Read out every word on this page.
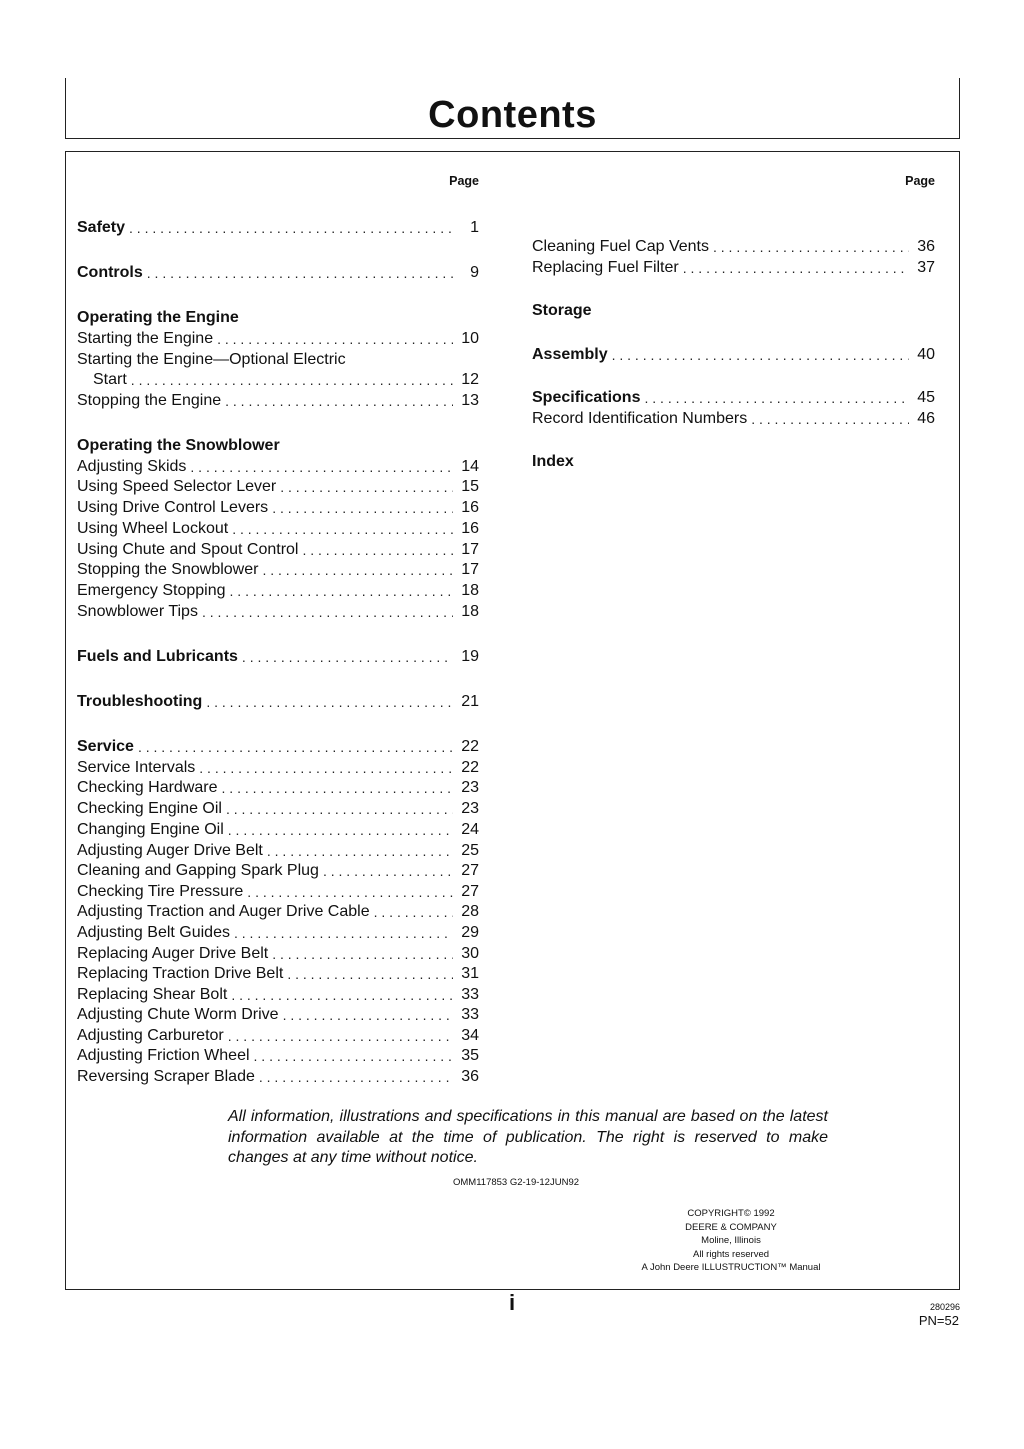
Contents
Page
Safety . . .	1
Controls . . .	9
Operating the Engine
Starting the Engine . . .	10
Starting the Engine—Optional Electric
Start . . .	12
Stopping the Engine . . .	13
Operating the Snowblower
Adjusting Skids . . .	14
Using Speed Selector Lever . . .	15
Using Drive Control Levers . . .	16
Using Wheel Lockout . . .	16
Using Chute and Spout Control . . .	17
Stopping the Snowblower . . .	17
Emergency Stopping . . .	18
Snowblower Tips . . .	18
Fuels and Lubricants . . .	19
Troubleshooting . . .	21
Service . . .	22
Service Intervals . . .	22
Checking Hardware . . .	23
Checking Engine Oil . . .	23
Changing Engine Oil . . .	24
Adjusting Auger Drive Belt . . .	25
Cleaning and Gapping Spark Plug . . .	27
Checking Tire Pressure . . .	27
Adjusting Traction and Auger Drive Cable . . .	28
Adjusting Belt Guides . . .	29
Replacing Auger Drive Belt . . .	30
Replacing Traction Drive Belt . . .	31
Replacing Shear Bolt . . .	33
Adjusting Chute Worm Drive . . .	33
Adjusting Carburetor . . .	34
Adjusting Friction Wheel . . .	35
Reversing Scraper Blade . . .	36
Page
Cleaning Fuel Cap Vents . . .	36
Replacing Fuel Filter . . .	37
Storage
Assembly . . .	40
Specifications . . .	45
Record Identification Numbers . . .	46
Index
All information, illustrations and specifications in this manual are based on the latest information available at the time of publication. The right is reserved to make changes at any time without notice.
OMM117853 G2-19-12JUN92
COPYRIGHT© 1992
DEERE & COMPANY
Moline, Illinois
All rights reserved
A John Deere ILLUSTRUCTION™ Manual
i	280296
PN=52
